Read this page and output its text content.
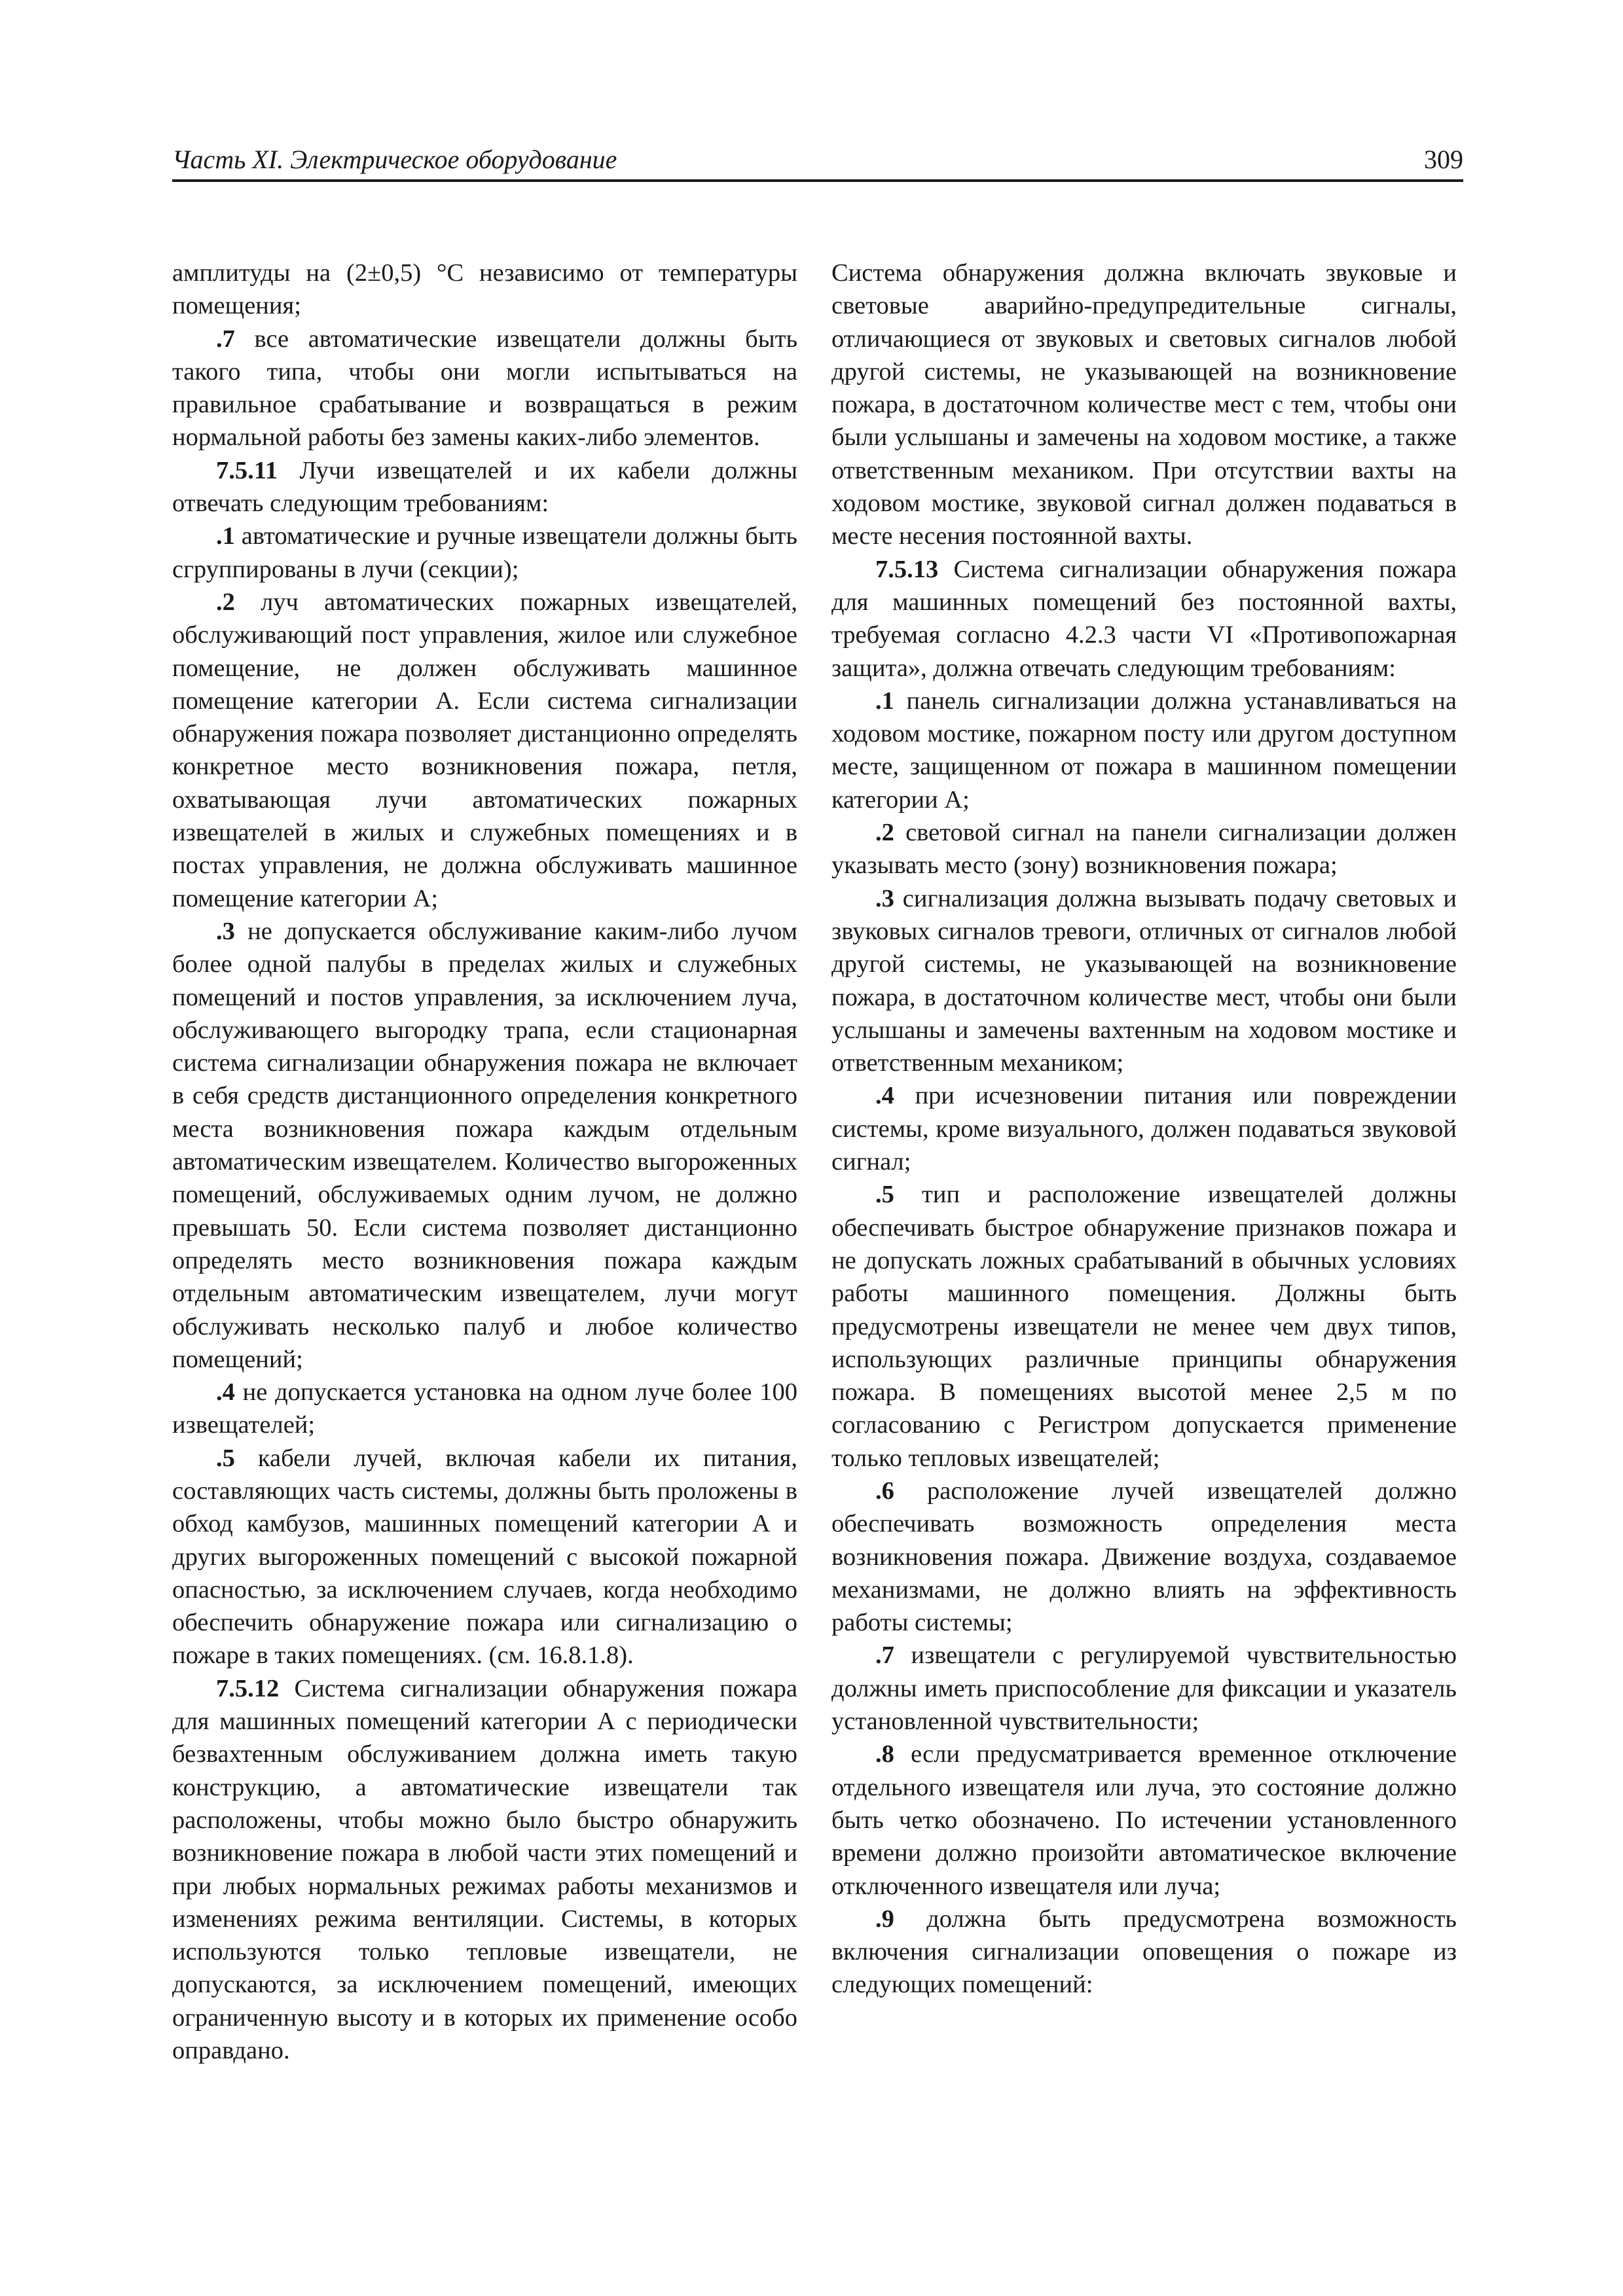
Часть XI. Электрическое оборудование	309

амплитуды на (2±0,5) °С независимо от температуры помещения;

.7 все автоматические извещатели должны быть такого типа, чтобы они могли испытываться на правильное срабатывание и возвращаться в режим нормальной работы без замены каких-либо элементов.

7.5.11 Лучи извещателей и их кабели должны отвечать следующим требованиям:

.1 автоматические и ручные извещатели должны быть сгруппированы в лучи (секции);

.2 луч автоматических пожарных извещателей, обслуживающий пост управления, жилое или служебное помещение, не должен обслуживать машинное помещение категории А. Если система сигнализации обнаружения пожара позволяет дистанционно определять конкретное место возникновения пожара, петля, охватывающая лучи автоматических пожарных извещателей в жилых и служебных помещениях и в постах управления, не должна обслуживать машинное помещение категории А;

.3 не допускается обслуживание каким-либо лучом более одной палубы в пределах жилых и служебных помещений и постов управления, за исключением луча, обслуживающего выгородку трапа, если стационарная система сигнализации обнаружения пожара не включает в себя средств дистанционного определения конкретного места возникновения пожара каждым отдельным автоматическим извещателем. Количество выгороженных помещений, обслуживаемых одним лучом, не должно превышать 50. Если система позволяет дистанционно определять место возникновения пожара каждым отдельным автоматическим извещателем, лучи могут обслуживать несколько палуб и любое количество помещений;

.4 не допускается установка на одном луче более 100 извещателей;

.5 кабели лучей, включая кабели их питания, составляющих часть системы, должны быть проложены в обход камбузов, машинных помещений категории А и других выгороженных помещений с высокой пожарной опасностью, за исключением случаев, когда необходимо обеспечить обнаружение пожара или сигнализацию о пожаре в таких помещениях. (см. 16.8.1.8).

7.5.12 Система сигнализации обнаружения пожара для машинных помещений категории А с периодически безвахтенным обслуживанием должна иметь такую конструкцию, а автоматические извещатели так расположены, чтобы можно было быстро обнаружить возникновение пожара в любой части этих помещений и при любых нормальных режимах работы механизмов и изменениях режима вентиляции. Системы, в которых используются только тепловые извещатели, не допускаются, за исключением помещений, имеющих ограниченную высоту и в которых их применение особо оправдано.

Система обнаружения должна включать звуковые и световые аварийно-предупредительные сигналы, отличающиеся от звуковых и световых сигналов любой другой системы, не указывающей на возникновение пожара, в достаточном количестве мест с тем, чтобы они были услышаны и замечены на ходовом мостике, а также ответственным механиком. При отсутствии вахты на ходовом мостике, звуковой сигнал должен подаваться в месте несения постоянной вахты.

7.5.13 Система сигнализации обнаружения пожара для машинных помещений без постоянной вахты, требуемая согласно 4.2.3 части VI «Противопожарная защита», должна отвечать следующим требованиям:

.1 панель сигнализации должна устанавливаться на ходовом мостике, пожарном посту или другом доступном месте, защищенном от пожара в машинном помещении категории А;

.2 световой сигнал на панели сигнализации должен указывать место (зону) возникновения пожара;

.3 сигнализация должна вызывать подачу световых и звуковых сигналов тревоги, отличных от сигналов любой другой системы, не указывающей на возникновение пожара, в достаточном количестве мест, чтобы они были услышаны и замечены вахтенным на ходовом мостике и ответственным механиком;

.4 при исчезновении питания или повреждении системы, кроме визуального, должен подаваться звуковой сигнал;

.5 тип и расположение извещателей должны обеспечивать быстрое обнаружение признаков пожара и не допускать ложных срабатываний в обычных условиях работы машинного помещения. Должны быть предусмотрены извещатели не менее чем двух типов, использующих различные принципы обнаружения пожара. В помещениях высотой менее 2,5 м по согласованию с Регистром допускается применение только тепловых извещателей;

.6 расположение лучей извещателей должно обеспечивать возможность определения места возникновения пожара. Движение воздуха, создаваемое механизмами, не должно влиять на эффективность работы системы;

.7 извещатели с регулируемой чувствительностью должны иметь приспособление для фиксации и указатель установленной чувствительности;

.8 если предусматривается временное отключение отдельного извещателя или луча, это состояние должно быть четко обозначено. По истечении установленного времени должно произойти автоматическое включение отключенного извещателя или луча;

.9 должна быть предусмотрена возможность включения сигнализации оповещения о пожаре из следующих помещений:
